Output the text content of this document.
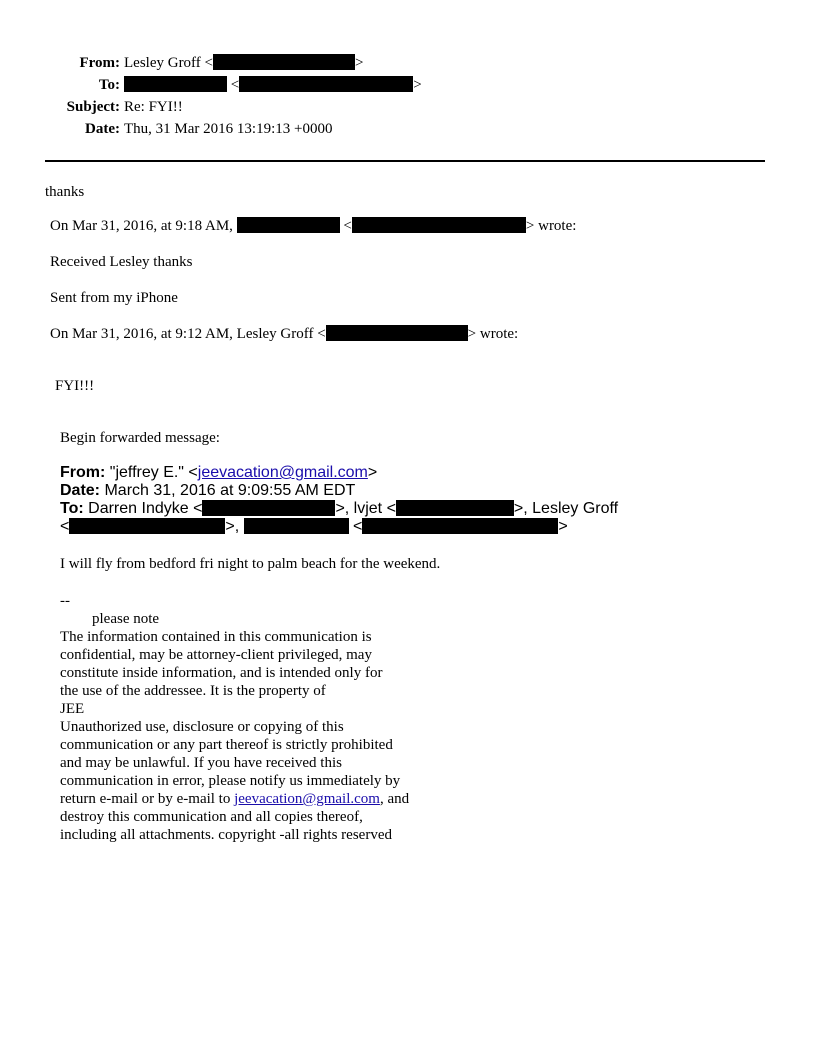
From: Lesley Groff <	>
To:	<	>
Subject: Re: FYI!!
Date: Thu, 31 Mar 2016 13:19:13 +0000
thanks
On Mar 31, 2016, at 9:18 AM,	<	> wrote:
Received Lesley thanks
Sent from my iPhone
On Mar 31, 2016, at 9:12 AM, Lesley Groff <	> wrote:
FYI!!!
Begin forwarded message:
From: "jeffrey E." <jeevacation@gmail.com>
Date: March 31, 2016 at 9:09:55 AM EDT
To: Darren Indyke <	>, lvjet <	>, Lesley Groff
<	>,	<	>
I will fly from bedford fri night to palm beach for the weekend.
--
please note
The information contained in this communication is
confidential, may be attorney-client privileged, may
constitute inside information, and is intended only for
the use of the addressee. It is the property of
JEE
Unauthorized use, disclosure or copying of this
communication or any part thereof is strictly prohibited
and may be unlawful. If you have received this
communication in error, please notify us immediately by
return e-mail or by e-mail to jeevacation@gmail.com, and
destroy this communication and all copies thereof,
including all attachments. copyright -all rights reserved
